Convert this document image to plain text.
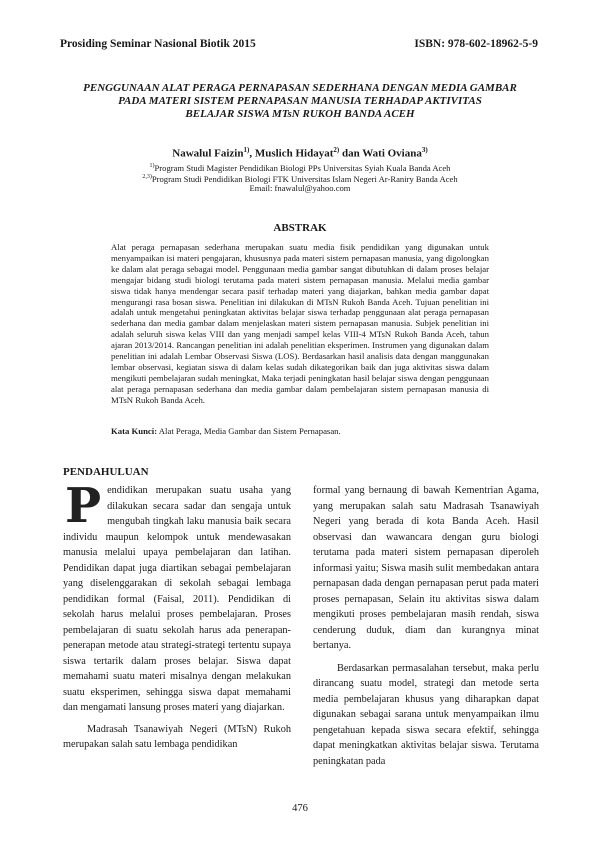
Prosiding Seminar Nasional Biotik 2015	ISBN: 978-602-18962-5-9
PENGGUNAAN ALAT PERAGA PERNAPASAN SEDERHANA DENGAN MEDIA GAMBAR
PADA MATERI SISTEM PERNAPASAN MANUSIA TERHADAP AKTIVITAS
BELAJAR SISWA MTsN RUKOH BANDA ACEH
Nawalul Faizin$^{1)}$, Muslich Hidayat$^{2)}$ dan Wati Oviana$^{3)}$
$^{1)}$Program Studi Magister Pendidikan Biologi PPs Universitas Syiah Kuala Banda Aceh
$^{2,3)}$Program Studi Pendidikan Biologi FTK Universitas Islam Negeri Ar-Raniry Banda Aceh
Email: fnawalul@yahoo.com
ABSTRAK
Alat peraga pernapasan sederhana merupakan suatu media fisik pendidikan yang digunakan untuk menyampaikan isi materi pengajaran, khususnya pada materi sistem pernapasan manusia, yang digolongkan ke dalam alat peraga sebagai model. Penggunaan media gambar sangat dibutuhkan di dalam proses belajar mengajar bidang studi biologi terutama pada materi sistem pernapasan manusia. Melalui media gambar siswa tidak hanya mendengar secara pasif terhadap materi yang diajarkan, bahkan media gambar dapat mengurangi rasa bosan siswa. Penelitian ini dilakukan di MTsN Rukoh Banda Aceh. Tujuan penelitian ini adalah untuk mengetahui peningkatan aktivitas belajar siswa terhadap penggunaan alat peraga pernapasan sederhana dan media gambar dalam menjelaskan materi sistem pernapasan manusia. Subjek penelitian ini adalah seluruh siswa kelas VIII dan yang menjadi sampel kelas VIII-4 MTsN Rukoh Banda Aceh, tahun ajaran 2013/2014. Rancangan penelitian ini adalah penelitian eksperimen. Instrumen yang digunakan dalam penelitian ini adalah Lembar Observasi Siswa (LOS). Berdasarkan hasil analisis data dengan manggunakan lembar observasi, kegiatan siswa di dalam kelas sudah dikategorikan baik dan juga aktivitas siswa dalam mengikuti pembelajaran sudah meningkat, Maka terjadi peningkatan hasil belajar siswa dengan penggunaan alat peraga pernapasan sederhana dan media gambar dalam pembelajaran sistem pernapasan manusia di MTsN Rukoh Banda Aceh.
Kata Kunci: Alat Peraga, Media Gambar dan Sistem Pernapasan.
PENDAHULUAN

Pendidikan merupakan suatu usaha yang dilakukan secara sadar dan sengaja untuk mengubah tingkah laku manusia baik secara individu maupun kelompok untuk mendewasakan manusia melalui upaya pembelajaran dan latihan. Pendidikan dapat juga diartikan sebagai pembelajaran yang diselenggarakan di sekolah sebagai lembaga pendidikan formal (Faisal, 2011). Pendidikan di sekolah harus melalui proses pembelajaran. Proses pembelajaran di suatu sekolah harus ada penerapan-penerapan metode atau strategi-strategi tertentu supaya siswa tertarik dalam proses belajar. Siswa dapat memahami suatu materi misalnya dengan melakukan suatu eksperimen, sehingga siswa dapat memahami dan mengamati lansung proses materi yang diajarkan.

Madrasah Tsanawiyah Negeri (MTsN) Rukoh merupakan salah satu lembaga pendidikan

formal yang bernaung di bawah Kementrian Agama, yang merupakan salah satu Madrasah Tsanawiyah Negeri yang berada di kota Banda Aceh. Hasil observasi dan wawancara dengan guru biologi terutama pada materi sistem pernapasan diperoleh informasi yaitu; Siswa masih sulit membedakan antara pernapasan dada dengan pernapasan perut pada materi proses pernapasan, Selain itu aktivitas siswa dalam mengikuti proses pembelajaran masih rendah, siswa cenderung duduk, diam dan kurangnya minat bertanya.

Berdasarkan permasalahan tersebut, maka perlu dirancang suatu model, strategi dan metode serta media pembelajaran khusus yang diharapkan dapat digunakan sebagai sarana untuk menyampaikan ilmu pengetahuan kepada siswa secara efektif, sehingga dapat meningkatkan aktivitas belajar siswa. Terutama peningkatan pada

476
